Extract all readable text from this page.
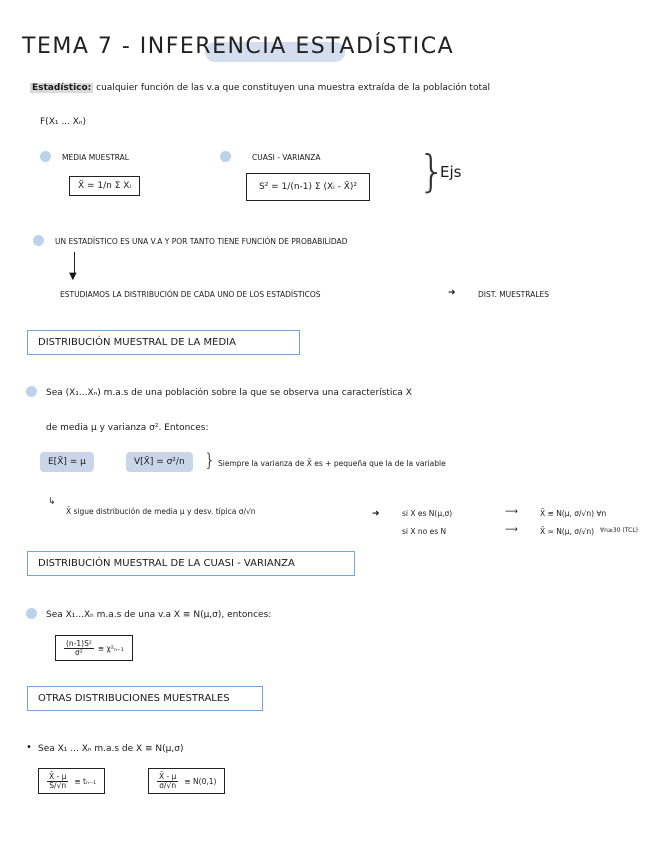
TEMA 7 - INFERENCIA ESTADÍSTICA
Estadístico: cualquier función de las v.a que constituyen una muestra extraída de la población total
F(X₁ ... Xₙ)
MEDIA MUESTRAL
X̄ = 1/n Σ Xᵢ
CUASI - VARIANZA
S² = 1/(n-1) Σ (Xᵢ - X̄)² }
Ejs
UN ESTADÍSTICO ES UNA V.A Y POR TANTO TIENE FUNCIÓN DE PROBABILIDAD
▼
ESTUDIAMOS LA DISTRIBUCIÓN DE CADA UNO DE LOS ESTADÍSTICOS	➜	DIST. MUESTRALES
DISTRIBUCIÓN MUESTRAL DE LA MEDIA
Sea (X₁...Xₙ) m.a.s de una población sobre la que se observa una característica X
de media μ y varianza σ². Entonces:
E[X̄] = μ	V[X̄] = σ²/n	} Siempre la varianza de X̄ es + pequeña que la de la variable
↳
X̄ sigue distribución de media μ y desv. típica σ/√n	➜	si X es N(μ,σ)	⟶	X̄ ≡ N(μ, σ/√n) ∀n
si X no es N	⟶	X̄ ≈ N(μ, σ/√n) ∀n≥30 (TCL)
DISTRIBUCIÓN MUESTRAL DE LA CUASI - VARIANZA
Sea X₁...Xₙ m.a.s de una v.a X ≡ N(μ,σ), entonces:
$\frac{\text{(n-1)S²}}{\text{σ²}} \equiv \chi^2_{n-1}$
OTRAS DISTRIBUCIONES MUESTRALES
• Sea X₁ ... Xₙ m.a.s de X ≡ N(μ,σ)
$\frac{X̄ - \mu}{S/√n} \equiv t_{n-1}$	$\frac{X̄ - \mu}{\sigma/√n} \equiv N(0,1)$
